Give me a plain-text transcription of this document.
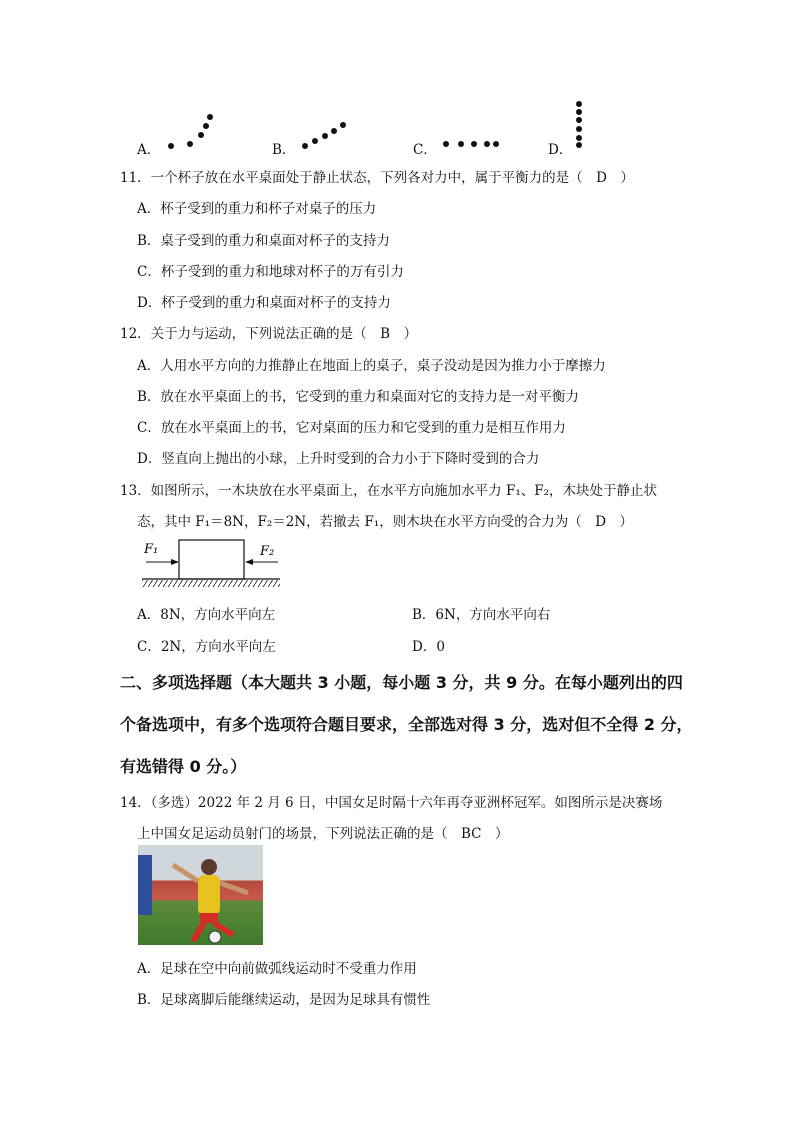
A．	B．	C．	D．
11．一个杯子放在水平桌面处于静止状态，下列各对力中，属于平衡力的是（　D　）
A．杯子受到的重力和杯子对桌子的压力
B．桌子受到的重力和桌面对杯子的支持力
C．杯子受到的重力和地球对杯子的万有引力
D．杯子受到的重力和桌面对杯子的支持力
12．关于力与运动，下列说法正确的是（　B　）
A．人用水平方向的力推静止在地面上的桌子，桌子没动是因为推力小于摩擦力
B．放在水平桌面上的书，它受到的重力和桌面对它的支持力是一对平衡力
C．放在水平桌面上的书，它对桌面的压力和它受到的重力是相互作用力
D．竖直向上抛出的小球，上升时受到的合力小于下降时受到的合力
13．如图所示，一木块放在水平桌面上，在水平方向施加水平力 F₁、F₂，木块处于静止状
态，其中 F₁＝8N，F₂＝2N，若撤去 F₁，则木块在水平方向受的合力为（　D　）
F₁	F₂
A．8N，方向水平向左	B．6N，方向水平向右
C．2N，方向水平向左	D．0
二、多项选择题（本大题共 3 小题，每小题 3 分，共 9 分。在每小题列出的四
个备选项中，有多个选项符合题目要求，全部选对得 3 分，选对但不全得 2 分，
有选错得 0 分。）
14．（多选）2022 年 2 月 6 日，中国女足时隔十六年再夺亚洲杯冠军。如图所示是决赛场
上中国女足运动员射门的场景，下列说法正确的是（　BC　）
A．足球在空中向前做弧线运动时不受重力作用
B．足球离脚后能继续运动，是因为足球具有惯性
